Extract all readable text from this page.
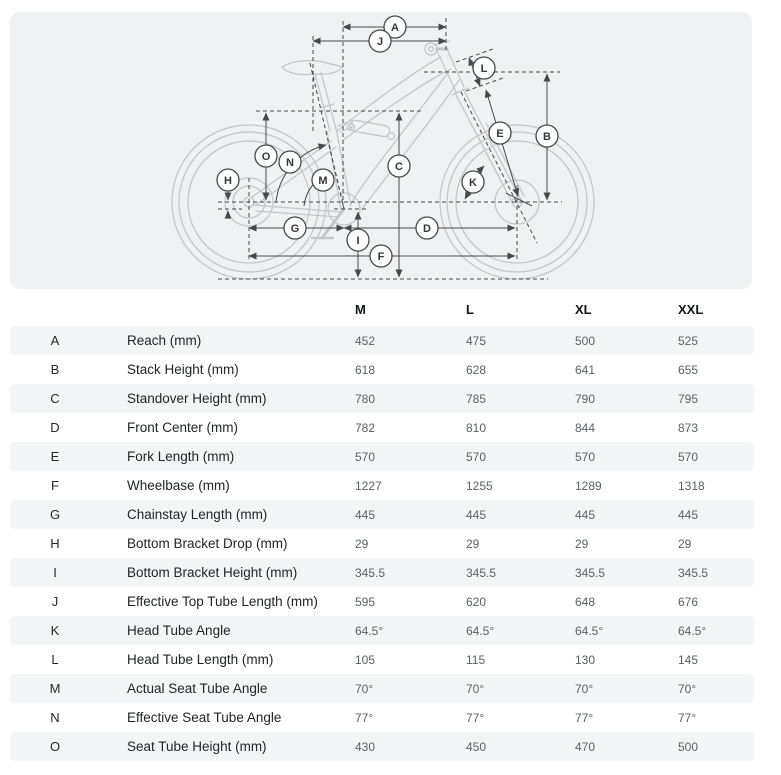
A
J
L
E	B
O N	C
H	M	K
G	D
I
F
M	L	XL	XXL
A	Reach (mm)	452	475	500	525
B	Stack Height (mm)	618	628	641	655
C	Standover Height (mm)	780	785	790	795
D	Front Center (mm)	782	810	844	873
E	Fork Length (mm)	570	570	570	570
F	Wheelbase (mm)	1227	1255	1289	1318
G	Chainstay Length (mm)	445	445	445	445
H	Bottom Bracket Drop (mm)	29	29	29	29
I	Bottom Bracket Height (mm)	345.5	345.5	345.5	345.5
J	Effective Top Tube Length (mm)	595	620	648	676
K	Head Tube Angle	64.5°	64.5°	64.5°	64.5°
L	Head Tube Length (mm)	105	115	130	145
M	Actual Seat Tube Angle	70°	70°	70°	70°
N	Effective Seat Tube Angle	77°	77°	77°	77°
O	Seat Tube Height (mm)	430	450	470	500
